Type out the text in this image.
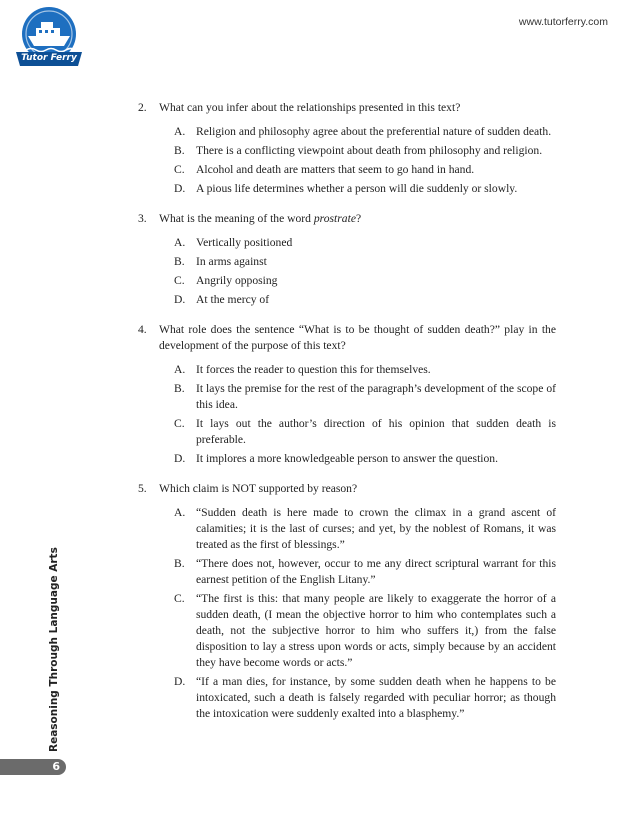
Tutor Ferry
www.tutorferry.com
2.	What can you infer about the relationships presented in this text?
A. Religion and philosophy agree about the preferential nature of sudden death.
B. There is a conflicting viewpoint about death from philosophy and religion.
C. Alcohol and death are matters that seem to go hand in hand.
D. A pious life determines whether a person will die suddenly or slowly.
3.	What is the meaning of the word prostrate?
A. Vertically positioned
B. In arms against
C. Angrily opposing
D. At the mercy of
4.	What role does the sentence “What is to be thought of sudden death?” play in the development of the purpose of this text?
A. It forces the reader to question this for themselves.
B. It lays the premise for the rest of the paragraph’s development of the scope of this idea.
C. It lays out the author’s direction of his opinion that sudden death is preferable.
D. It implores a more knowledgeable person to answer the question.
5.	Which claim is NOT supported by reason?
A. “Sudden death is here made to crown the climax in a grand ascent of calamities; it is the last of curses; and yet, by the noblest of Romans, it was treated as the first of blessings.”
B. “There does not, however, occur to me any direct scriptural warrant for this earnest petition of the English Litany.”
C. “The first is this: that many people are likely to exaggerate the horror of a sudden death, (I mean the objective horror to him who contemplates such a death, not the subjective horror to him who suffers it,) from the false disposition to lay a stress upon words or acts, simply because by an accident they have become words or acts.”
D. “If a man dies, for instance, by some sudden death when he happens to be intoxicated, such a death is falsely regarded with peculiar horror; as though the intoxication were suddenly exalted into a blasphemy.”
Reasoning Through Language Arts
6
